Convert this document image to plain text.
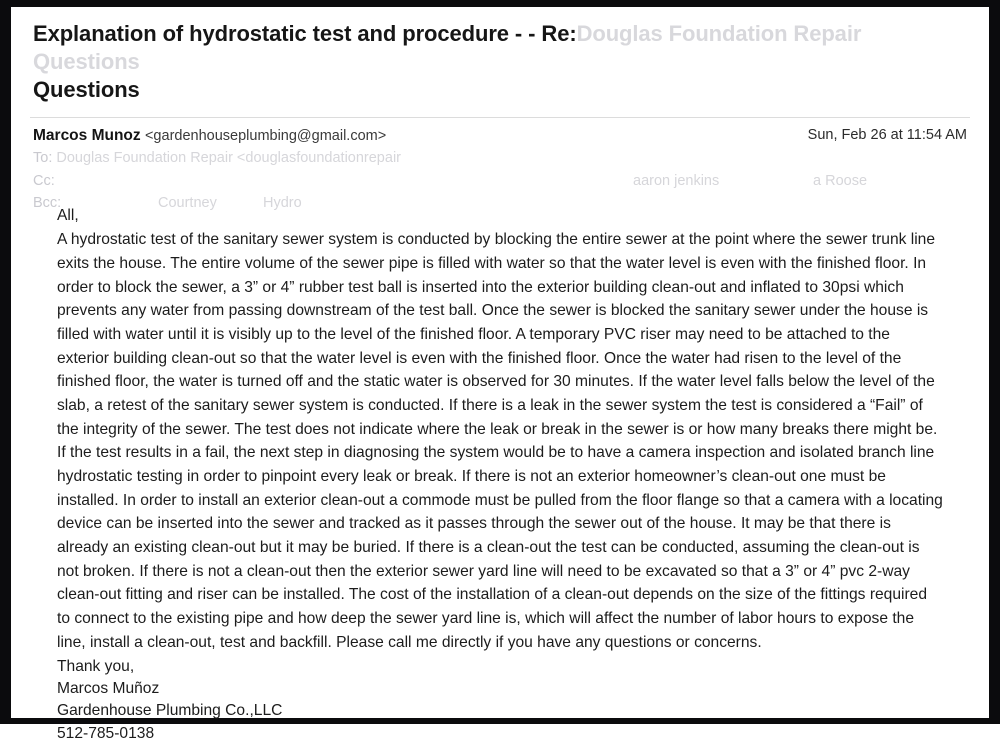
Explanation of hydrostatic test and procedure - - Re:Douglas Foundation Repair Questions
Questions
Marcos Munoz <gardenhouseplumbing@gmail.com>	Sun, Feb 26 at 11:54 AM
To: Douglas Foundation Repair <douglasfoundationrepair
Cc:	aaron jenkins	a Roose
Bcc:	Courtney	Hydro

All,

A hydrostatic test of the sanitary sewer system is conducted by blocking the entire sewer at the point where the sewer trunk line exits the house. The entire volume of the sewer pipe is filled with water so that the water level is even with the finished floor. In order to block the sewer, a 3” or 4” rubber test ball is inserted into the exterior building clean-out and inflated to 30psi which prevents any water from passing downstream of the test ball. Once the sewer is blocked the sanitary sewer under the house is filled with water until it is visibly up to the level of the finished floor. A temporary PVC riser may need to be attached to the exterior building clean-out so that the water level is even with the finished floor. Once the water had risen to the level of the finished floor, the water is turned off and the static water is observed for 30 minutes. If the water level falls below the level of the slab, a retest of the sanitary sewer system is conducted. If there is a leak in the sewer system the test is considered a “Fail” of the integrity of the sewer. The test does not indicate where the leak or break in the sewer is or how many breaks there might be. If the test results in a fail, the next step in diagnosing the system would be to have a camera inspection and isolated branch line hydrostatic testing in order to pinpoint every leak or break. If there is not an exterior homeowner’s clean-out one must be installed. In order to install an exterior clean-out a commode must be pulled from the floor flange so that a camera with a locating device can be inserted into the sewer and tracked as it passes through the sewer out of the house. It may be that there is already an existing clean-out but it may be buried. If there is a clean-out the test can be conducted, assuming the clean-out is not broken. If there is not a clean-out then the exterior sewer yard line will need to be excavated so that a 3” or 4” pvc 2-way clean-out fitting and riser can be installed. The cost of the installation of a clean-out depends on the size of the fittings required to connect to the existing pipe and how deep the sewer yard line is, which will affect the number of labor hours to expose the line, install a clean-out, test and backfill. Please call me directly if you have any questions or concerns.

Thank you,

Marcos Muñoz

Gardenhouse Plumbing Co.,LLC

512-785-0138
